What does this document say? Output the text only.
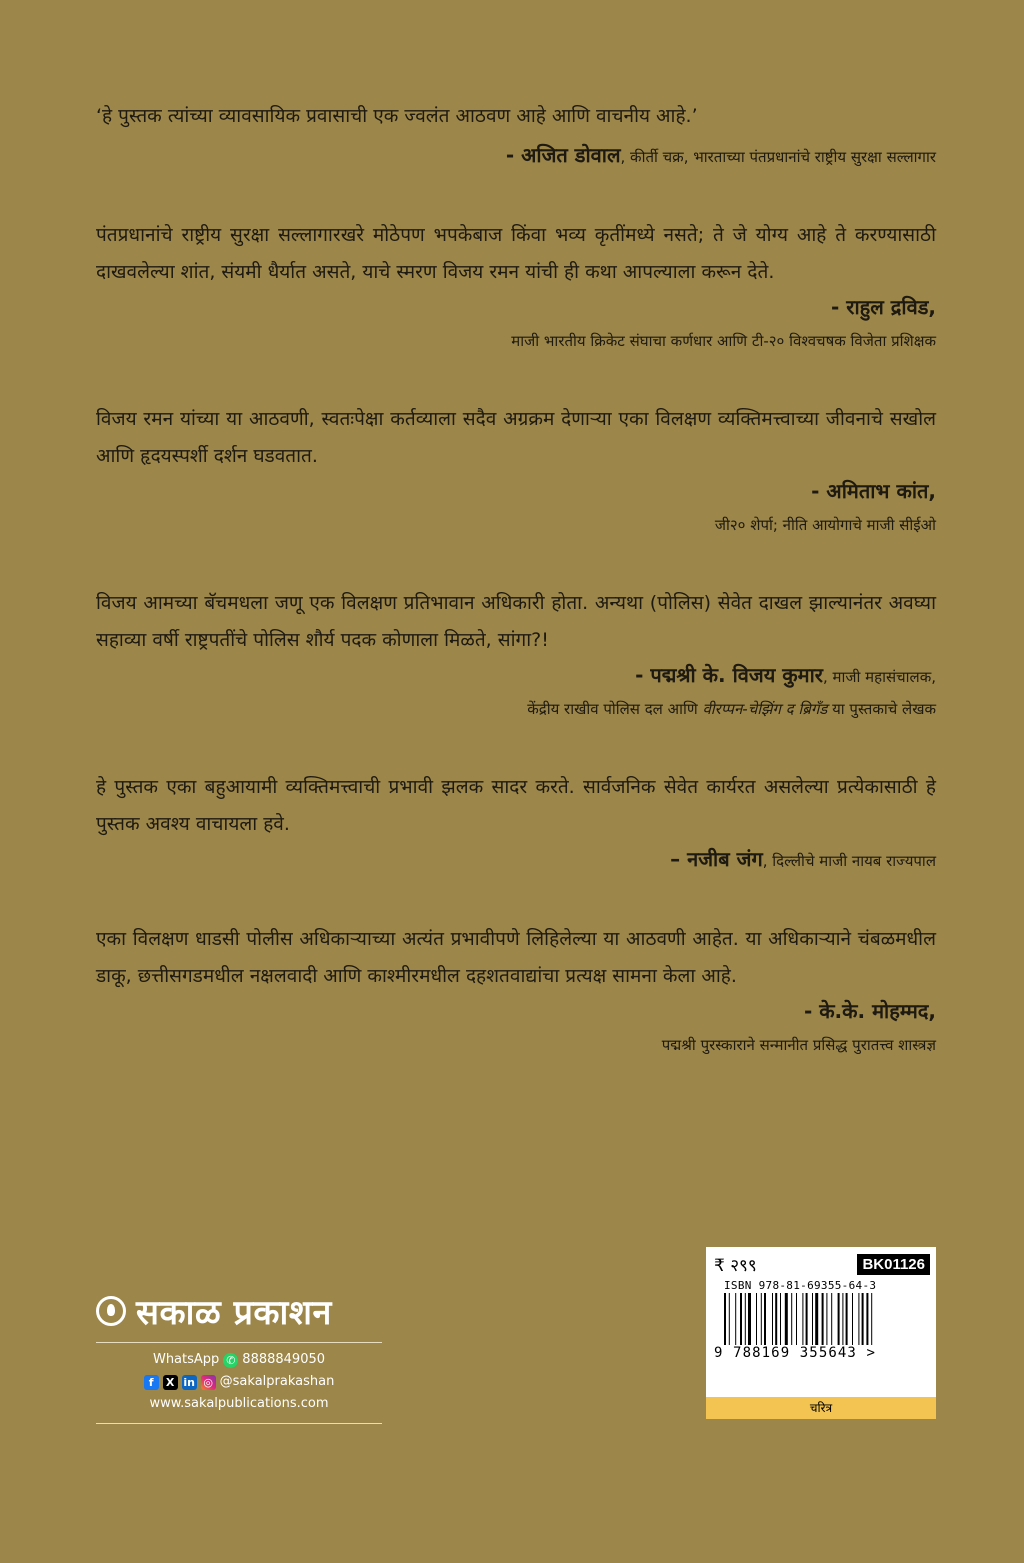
‘हे पुस्तक त्यांच्या व्यावसायिक प्रवासाची एक ज्वलंत आठवण आहे आणि वाचनीय आहे.’

- अजित डोवाल, कीर्ती चक्र, भारताच्या पंतप्रधानांचे राष्ट्रीय सुरक्षा सल्लागार

पंतप्रधानांचे राष्ट्रीय सुरक्षा सल्लागारखरे मोठेपण भपकेबाज किंवा भव्य कृतींमध्ये नसते; ते जे योग्य आहे ते करण्यासाठी दाखवलेल्या शांत, संयमी धैर्यात असते, याचे स्मरण विजय रमन यांची ही कथा आपल्याला करून देते.

- राहुल द्रविड,

माजी भारतीय क्रिकेट संघाचा कर्णधार आणि टी-२० विश्वचषक विजेता प्रशिक्षक

विजय रमन यांच्या या आठवणी, स्वतःपेक्षा कर्तव्याला सदैव अग्रक्रम देणाऱ्या एका विलक्षण व्यक्तिमत्त्वाच्या जीवनाचे सखोल आणि हृदयस्पर्शी दर्शन घडवतात.

- अमिताभ कांत,

जी२० शेर्पा; नीति आयोगाचे माजी सीईओ

विजय आमच्या बॅचमधला जणू एक विलक्षण प्रतिभावान अधिकारी होता. अन्यथा (पोलिस) सेवेत दाखल झाल्यानंतर अवघ्या सहाव्या वर्षी राष्ट्रपतींचे पोलिस शौर्य पदक कोणाला मिळते, सांगा?!

- पद्मश्री के. विजय कुमार, माजी महासंचालक,

केंद्रीय राखीव पोलिस दल आणि वीरप्पन-चेझिंग द ब्रिगँड या पुस्तकाचे लेखक

हे पुस्तक एका बहुआयामी व्यक्तिमत्त्वाची प्रभावी झलक सादर करते. सार्वजनिक सेवेत कार्यरत असलेल्या प्रत्येकासाठी हे पुस्तक अवश्य वाचायला हवे.

– नजीब जंग, दिल्लीचे माजी नायब राज्यपाल

एका विलक्षण धाडसी पोलीस अधिकाऱ्याच्या अत्यंत प्रभावीपणे लिहिलेल्या या आठवणी आहेत. या अधिकाऱ्याने चंबळमधील डाकू, छत्तीसगडमधील नक्षलवादी आणि काश्मीरमधील दहशतवाद्यांचा प्रत्यक्ष सामना केला आहे.

- के.के. मोहम्मद,

पद्मश्री पुरस्काराने सन्मानीत प्रसिद्ध पुरातत्त्व शास्त्रज्ञ

सकाळ प्रकाशन
WhatsApp ✆ 8888849050
f	X in ◎ @sakalprakashan
www.sakalpublications.com
₹ २९९	BK01126
ISBN 978-81-69355-64-3
9 788169 355643 >
चरित्र
